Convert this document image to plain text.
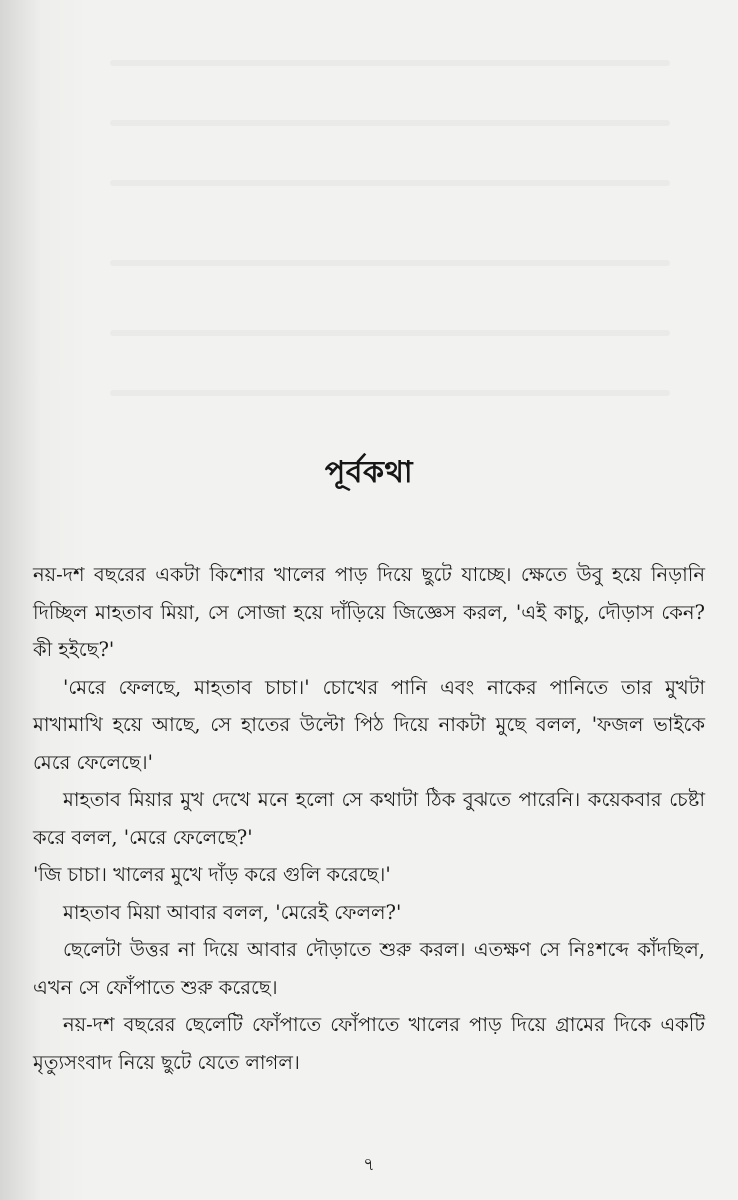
পূর্বকথা

নয়-দশ বছরের একটা কিশোর খালের পাড় দিয়ে ছুটে যাচ্ছে। ক্ষেতে উবু হয়ে নিড়ানি দিচ্ছিল মাহতাব মিয়া, সে সোজা হয়ে দাঁড়িয়ে জিজ্ঞেস করল, 'এই কাচু, দৌড়াস কেন? কী হইছে?'

'মেরে ফেলছে, মাহতাব চাচা।' চোখের পানি এবং নাকের পানিতে তার মুখটা মাখামাখি হয়ে আছে, সে হাতের উল্টো পিঠ দিয়ে নাকটা মুছে বলল, 'ফজল ভাইকে মেরে ফেলেছে।'

মাহতাব মিয়ার মুখ দেখে মনে হলো সে কথাটা ঠিক বুঝতে পারেনি। কয়েকবার চেষ্টা করে বলল, 'মেরে ফেলেছে?'

'জি চাচা। খালের মুখে দাঁড় করে গুলি করেছে।'

মাহতাব মিয়া আবার বলল, 'মেরেই ফেলল?'

ছেলেটা উত্তর না দিয়ে আবার দৌড়াতে শুরু করল। এতক্ষণ সে নিঃশব্দে কাঁদছিল, এখন সে ফোঁপাতে শুরু করেছে।

নয়-দশ বছরের ছেলেটি ফোঁপাতে ফোঁপাতে খালের পাড় দিয়ে গ্রামের দিকে একটি মৃত্যুসংবাদ নিয়ে ছুটে যেতে লাগল।

৭
